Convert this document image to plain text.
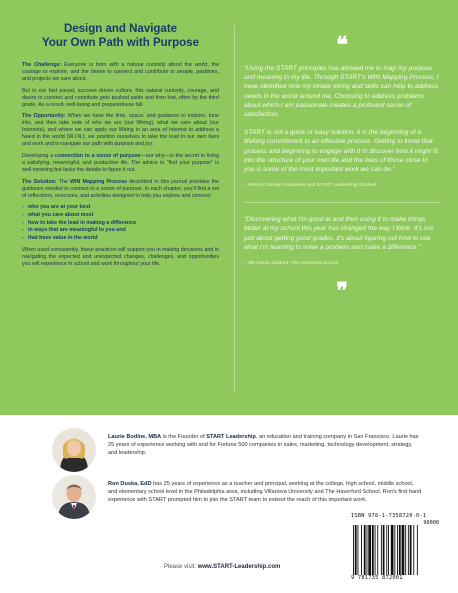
Design and Navigate
Your Own Path with Purpose

The Challenge: Everyone is born with a natural curiosity about the world, the courage to explore, and the desire to connect and contribute to people, pastimes, and projects we care about.

But in our fast paced, success driven culture, this natural curiosity, courage, and desire to connect and contribute gets pushed aside and then lost, often by the third grade. As a result, well-being and preparedness fall.

The Opportunity: When we have the time, space, and guidance to explore, tune into, and then take note of who we are (our Wiring), what we care about (our Interests), and where we can apply our Wiring in an area of Interest to address a Need in the world (W.I.N.), we position ourselves to take the lead in our own lives and work and to navigate our path with purpose and joy.

Developing a connection to a sense of purpose—our why—is the secret to living a satisfying, meaningful, and productive life. The advice to “find your purpose” is well meaning but lacks the details to figure it out.

The Solution: The WIN Mapping Process described in this journal provides the guidance needed to connect to a sense of purpose. In each chapter, you'll find a set of reflections, exercises, and activities designed to help you explore and connect:

- who you are at your best
- what you care about most
- how to take the lead in making a difference
- in ways that are meaningful to you and
- that have value in the world

When used consistently, these practices will support you in making decisions and in navigating the expected and unexpected changes, challenges, and opportunities you will experience in school and work throughout your life.

❝

“Using the START principles has allowed me to map my purpose and meaning in my life. Through START's WIN Mapping Process, I have identified how my innate wiring and skills can help to address needs in the world around me. Choosing to address problems about which I am passionate creates a profound sense of satisfaction.

START is not a quick or easy solution, it is the beginning of a lifelong commitment to an effective process. Getting to know that process and beginning to engage with it to discover how it might fit into the structure of your own life and the lives of those close to you is some of the most important work we can do.”

– Recent College Graduates and START Leadership Student

“Discovering what I'm good at and then using it to make things better at my school this year has changed the way I think. It's not just about getting good grades, it's about figuring out how to use what I'm learning to solve a problem and make a difference.”

– 5th Grade Student, The Haverford School
❞
Laurie Bodine, MBA is the Founder of START Leadership, an education and training company in San Francisco. Laurie has 25 years of experience working with and for Fortune 500 companies in sales, marketing, technology development, strategy, and leadership.
Ron Duska, EdD has 25 years of experience as a teacher and principal, working at the college, high school, middle school, and elementary school level in the Philadelphia area, including Villanova University and The Haverford School. Ron's first hand experience with START prompted him to join the START team to extend the reach of this important work.
Please visit: www.START-Leadership.com
ISBN 978-1-7358720-0-1
90000
9 781735 872001
